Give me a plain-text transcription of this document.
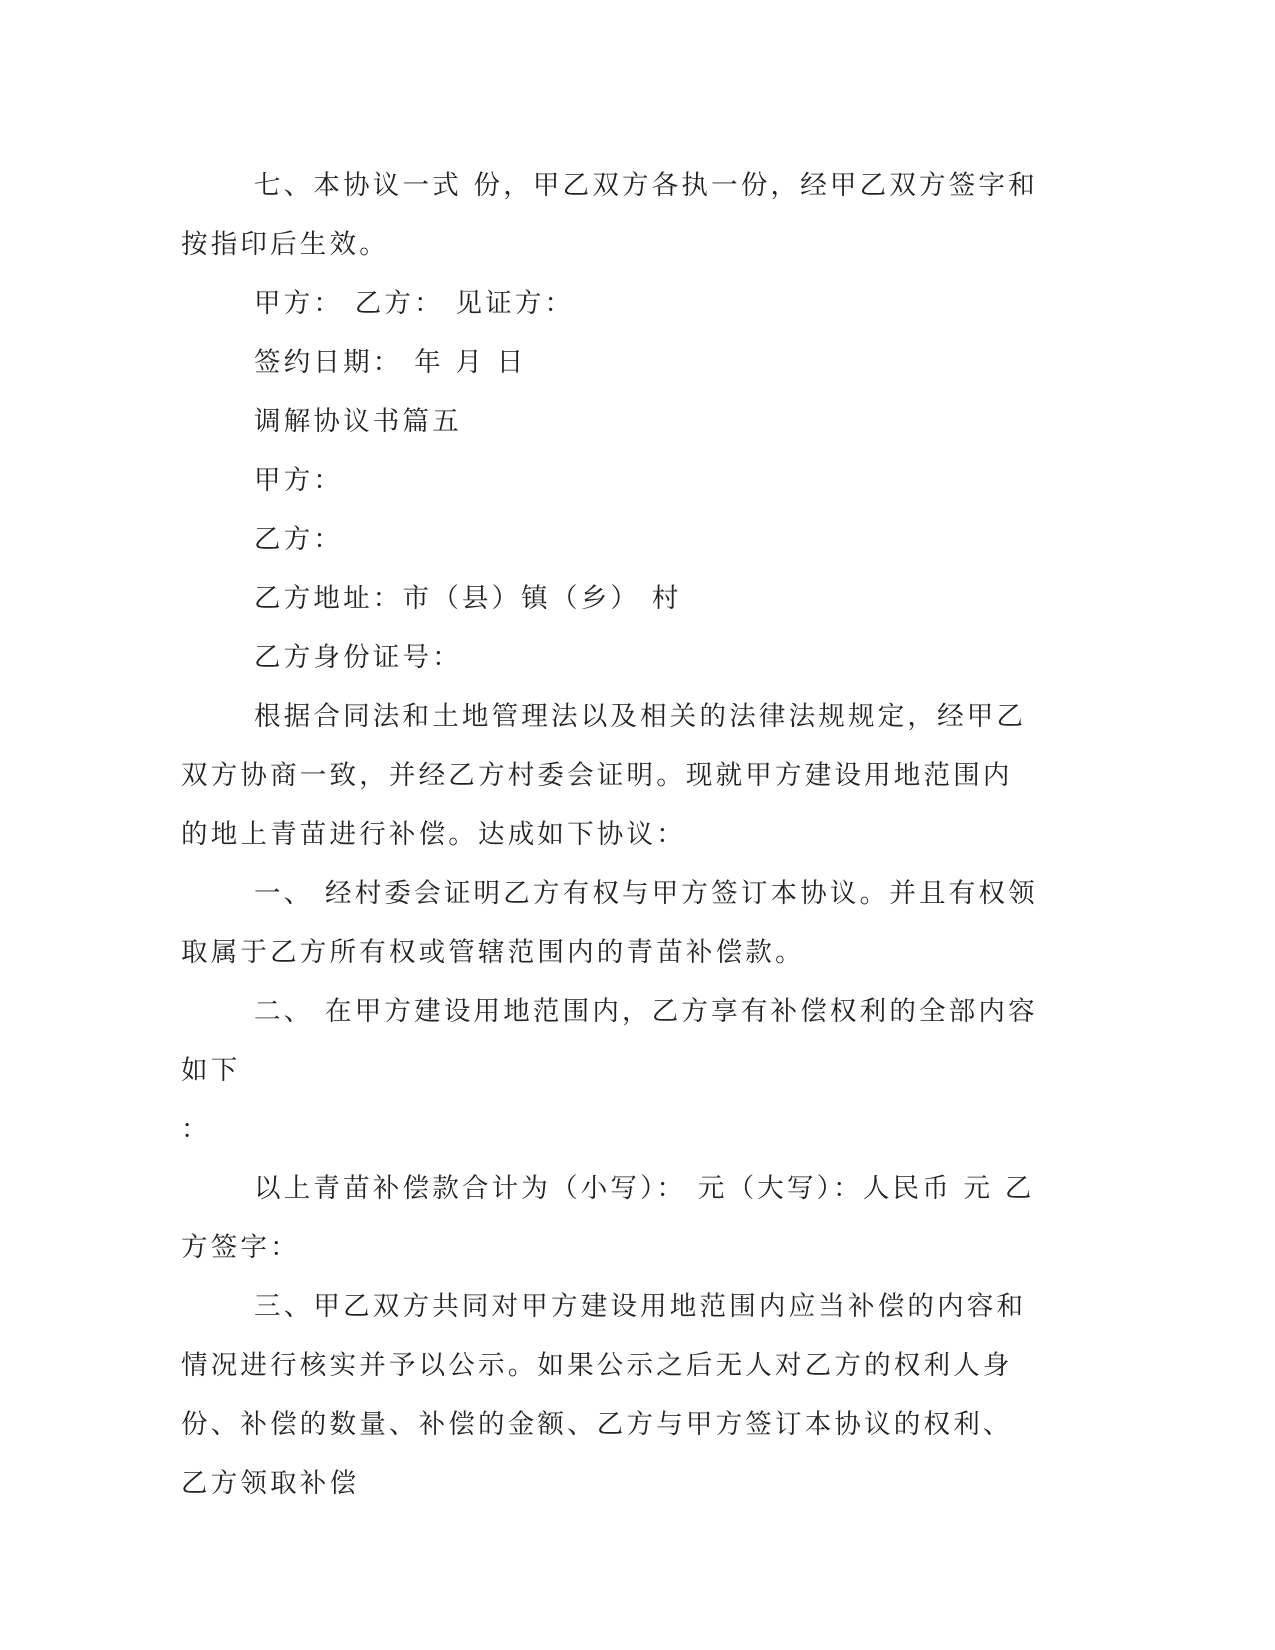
七、本协议一式 份，甲乙双方各执一份，经甲乙双方签字和按指印后生效。

甲方： 乙方： 见证方：

签约日期： 年 月 日

调解协议书篇五

甲方：

乙方：

乙方地址：市（县）镇（乡） 村

乙方身份证号：

根据合同法和土地管理法以及相关的法律法规规定，经甲乙双方协商一致，并经乙方村委会证明。现就甲方建设用地范围内的地上青苗进行补偿。达成如下协议：

一、 经村委会证明乙方有权与甲方签订本协议。并且有权领取属于乙方所有权或管辖范围内的青苗补偿款。

二、 在甲方建设用地范围内，乙方享有补偿权利的全部内容如下

：

以上青苗补偿款合计为（小写）： 元（大写）：人民币 元 乙方签字：

三、甲乙双方共同对甲方建设用地范围内应当补偿的内容和情况进行核实并予以公示。如果公示之后无人对乙方的权利人身份、补偿的数量、补偿的金额、乙方与甲方签订本协议的权利、乙方领取补偿
